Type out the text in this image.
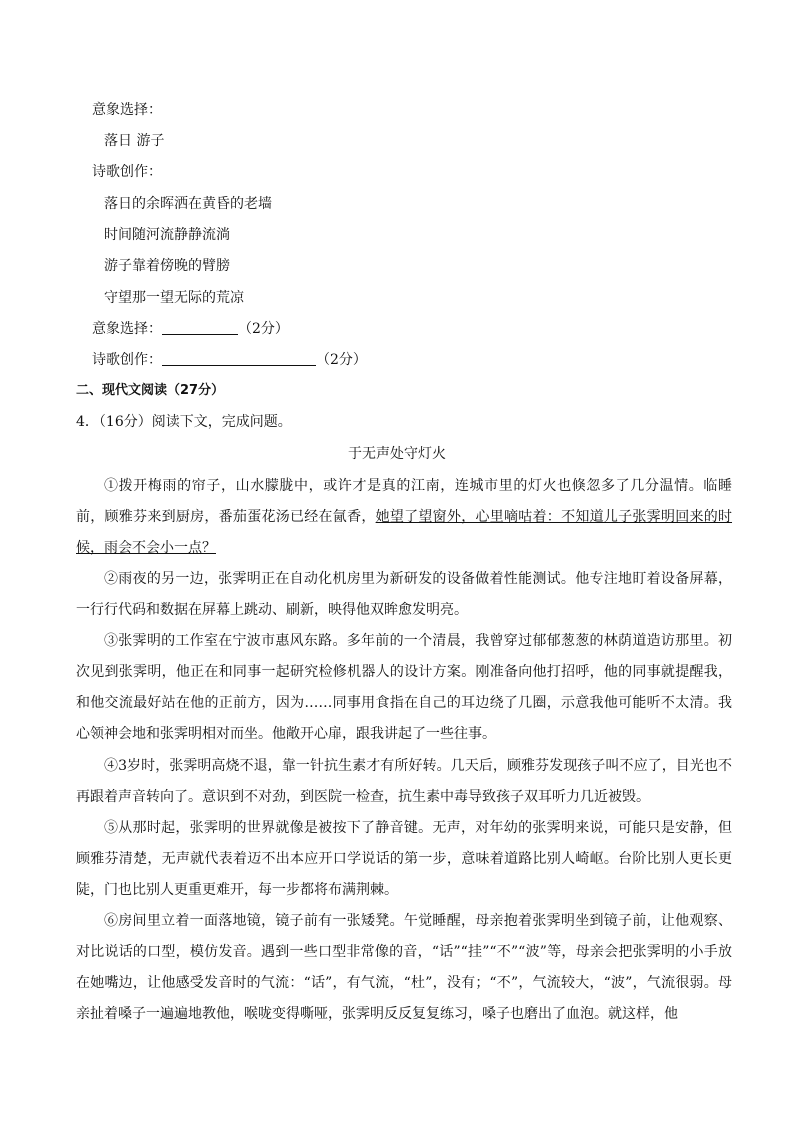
意象选择：
落日 游子
诗歌创作：
落日的余晖洒在黄昏的老墙
时间随河流静静流淌
游子靠着傍晚的臂膀
守望那一望无际的荒凉
意象选择：	（2分）
诗歌创作：	（2分）
二、现代文阅读（27分）
4．（16分）阅读下文，完成问题。
于无声处守灯火
①拨开梅雨的帘子，山水朦胧中，或许才是真的江南，连城市里的灯火也倏忽多了几分温情。临睡前，顾雅芬来到厨房，番茄蛋花汤已经在氤香，她望了望窗外，心里嘀咕着：不知道儿子张霁明回来的时候，雨会不会小一点？
②雨夜的另一边，张霁明正在自动化机房里为新研发的设备做着性能测试。他专注地盯着设备屏幕，一行行代码和数据在屏幕上跳动、刷新，映得他双眸愈发明亮。
③张霁明的工作室在宁波市惠风东路。多年前的一个清晨，我曾穿过郁郁葱葱的林荫道造访那里。初次见到张霁明，他正在和同事一起研究检修机器人的设计方案。刚准备向他打招呼，他的同事就提醒我，和他交流最好站在他的正前方，因为……同事用食指在自己的耳边绕了几圈，示意我他可能听不太清。我心领神会地和张霁明相对而坐。他敞开心扉，跟我讲起了一些往事。
④3岁时，张霁明高烧不退，靠一针抗生素才有所好转。几天后，顾雅芬发现孩子叫不应了，目光也不再跟着声音转向了。意识到不对劲，到医院一检查，抗生素中毒导致孩子双耳听力几近被毁。
⑤从那时起，张霁明的世界就像是被按下了静音键。无声，对年幼的张霁明来说，可能只是安静，但顾雅芬清楚，无声就代表着迈不出本应开口学说话的第一步，意味着道路比别人崎岖。台阶比别人更长更陡，门也比别人更重更难开，每一步都将布满荆棘。
⑥房间里立着一面落地镜，镜子前有一张矮凳。午觉睡醒，母亲抱着张霁明坐到镜子前，让他观察、对比说话的口型，模仿发音。遇到一些口型非常像的音，“话”“挂”“不”“波”等，母亲会把张霁明的小手放在她嘴边，让他感受发音时的气流：“话”，有气流，“杜”，没有；“不”，气流较大，“波”，气流很弱。母亲扯着嗓子一遍遍地教他，喉咙变得嘶哑，张霁明反反复复练习，嗓子也磨出了血泡。就这样，他
